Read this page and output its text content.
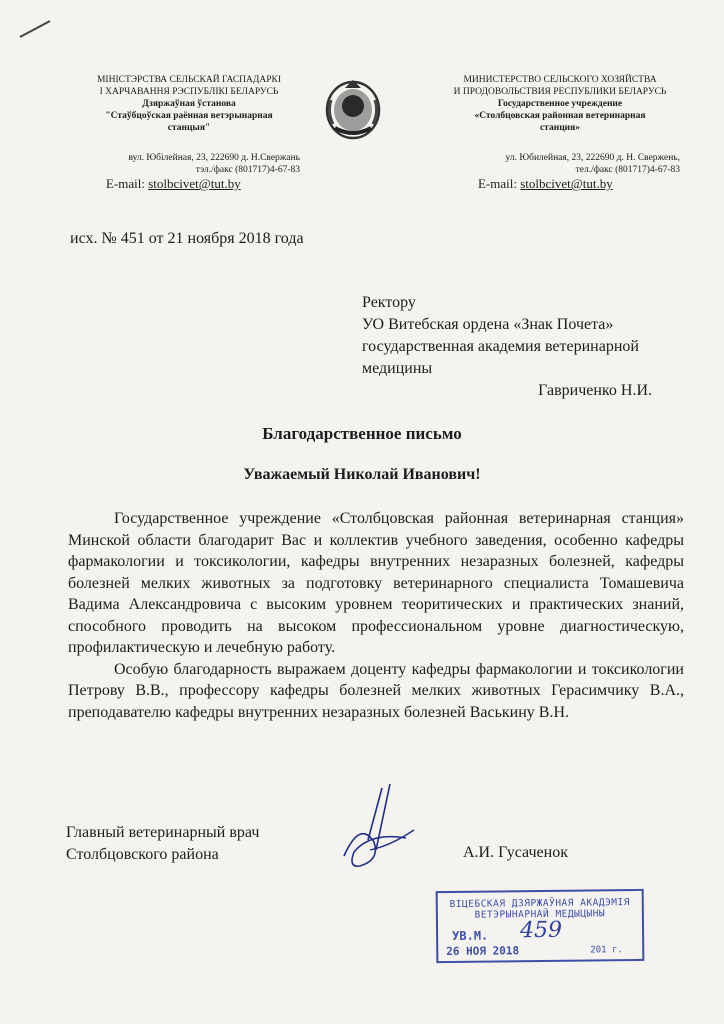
МІНІСТЭРСТВА СЕЛЬСКАЙ ГАСПАДАРКІ
І ХАРЧАВАННЯ РЭСПУБЛІКІ БЕЛАРУСЬ
Дзяржаўная ўстанова
"Стаўбцоўская раённая ветэрынарная
станцыя"
вул. Юбілейная, 23, 222690 д. Н.Свержань
тэл./факс (801717)4-67-83
E-mail: stolbcivet@tut.by
МИНИСТЕРСТВО СЕЛЬСКОГО ХОЗЯЙСТВА
И ПРОДОВОЛЬСТВИЯ РЕСПУБЛИКИ БЕЛАРУСЬ
Государственное учреждение
«Столбцовская районная ветеринарная
станция»
ул. Юбилейная, 23, 222690 д. Н. Свержень,
тел./факс (801717)4-67-83
E-mail: stolbcivet@tut.by
исх. № 451 от 21 ноября 2018 года
Ректору
УО Витебская ордена «Знак Почета»
государственная академия ветеринарной
медицины
Гавриченко Н.И.
Благодарственное письмо
Уважаемый Николай Иванович!

Государственное учреждение «Столбцовская районная ветеринарная станция» Минской области благодарит Вас и коллектив учебного заведения, особенно кафедры фармакологии и токсикологии, кафедры внутренних незаразных болезней, кафедры болезней мелких животных за подготовку ветеринарного специалиста Томашевича Вадима Александровича с высоким уровнем теоритических и практических знаний, способного проводить на высоком профессиональном уровне диагностическую, профилактическую и лечебную работу.

Особую благодарность выражаем доценту кафедры фармакологии и токсикологии Петрову В.В., профессору кафедры болезней мелких животных Герасимчику В.А., преподавателю кафедры внутренних незаразных болезней Васькину В.Н.

Главный ветеринарный врач
Столбцовского района	А.И. Гусаченок
ВІЦЕБСКАЯ ДЗЯРЖАЎНАЯ АКАДЭМІЯ
ВЕТЭРЫНАРНАЙ МЕДЫЦЫНЫ
УВ.М. 459
26 НОЯ 2018	201 г.
